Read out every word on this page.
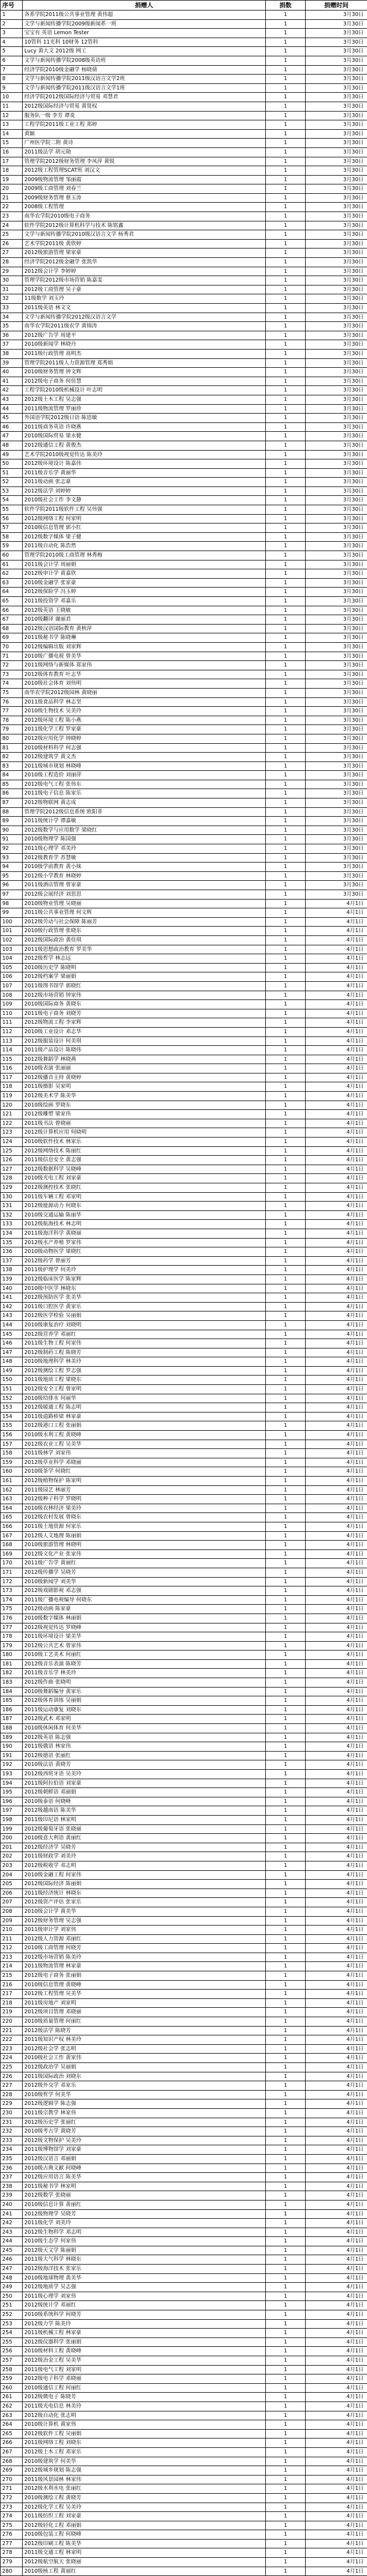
序号	捐赠人	捐数	捐赠时间
1	各系学院2011级公共事业管理 黄伟超	1	3月30日
2	文学与新闻传播学院2009级新闻系一班	1	3月30日
3	宝宝有 英语 Lemon Tester	1	3月30日
4	10管科 11光科 10财务 12管科	1	3月30日
5	Lucy 黄大文 2012级 网工	1	3月30日
6	文学与新闻传播学院2008级英语班	1	3月30日
7	经济学院2010级金融学 杨晓倩	1	3月30日
8	文学与新闻传播学院2011级汉语言文学2班	1	3月30日
9	文学与新闻传播学院2011级汉语言文学1班	1	3月30日
10	经济学院2012级国际经济与贸易 邓慧君	1	3月30日
11	2012级国际经济与贸易 黄贤权	1	3月30日
12	服务队一级 李芳 谭炎	1	3月30日
13	工程学院2011级工业工程 郑婷	1	3月30日
14	黄颖	1	3月30日
15	广州医学院二附 黄诗	1	3月30日
16	2011级法学 胡元勋	1	3月30日
17	管理学院2012级财务管理 李凤萍 黄锐	1	3月30日
18	2012级工程管理SCAT班 刘汉文	1	3月30日
19	2009级物流管理 邹丽霞	1	3月30日
20	2009级工商管理 刘春兰	1	3月30日
21	2009级财务管理 蔡玉涛	1	3月30日
22	2008级工程管理	1	3月30日
23	南华农学院2010级电子商务	1	3月30日
24	软件学院2012级计算机科学与技术 陈铭鑫	1	3月30日
25	文学与新闻传播学院2010级汉语言文学 杨秀君	1	3月30日
26	艺术学院2011级 黄欣婷	1	3月30日
27	2012级旅游管理 梁家豪	1	3月30日
28	经济学院2012级金融学 张凯华	1	3月30日
29	2012级会计学 李婷婷	1	3月30日
30	管理学院2012级市场营销 陈嘉雯	1	3月30日
31	2012级工商管理 吴子豪	1	3月30日
32	11级数学 刘玉玲	1	3月30日
33	2011级英语 林文文	1	3月30日
34	文学与新闻传播学院2012级汉语言文学	1	3月30日
35	南华农学院2011级农学 黄锦涛	1	3月30日
36	2012级广告学 周建平	1	3月30日
37	2010级新闻学 林晓丹	1	3月30日
38	2011级行政管理 高明杰	1	3月30日
39	管理学院2011级人力资源管理 郑秀娟	1	3月30日
40	2010级财务管理 钟文辉	1	3月30日
41	2012级电子商务 何佳慧	1	3月30日
42	工程学院2010级机械设计 叶志明	1	3月30日
43	2012级土木工程 吴志强	1	3月30日
44	2011级物流管理 罗丽珍	1	3月30日
45	外国语学院2012级日语 陈思敏	1	3月30日
46	2011级商务英语 许晓燕	1	3月30日
47	2010级国际贸易 梁永健	1	3月30日
48	2012级通信工程 黄俊杰	1	3月30日
49	艺术学院2010级视觉传达 陈美玲	1	3月30日
50	2012级环境设计 陈嘉伟	1	3月30日
51	2011级音乐学 黄丽华	1	3月30日
52	2011级动画 张志豪	1	3月30日
53	2012级法学 刘婷婷	1	3月30日
54	2010级社会工作 李文静	1	3月30日
55	软件学院2011级软件工程 吴伟强	1	3月30日
56	2012级网络工程 何家明	1	3月30日
57	2010级信息管理 郭小红	1	3月30日
58	2012级数字媒体 梁子健	1	3月30日
59	2011级自动化 陈浩然	1	3月30日
60	管理学院2010级工商管理 林秀梅	1	3月30日
61	2011级会计学 周丽娟	1	3月30日
62	2012级审计学 黄嘉欣	1	3月30日
63	2010级金融学 张家豪	1	3月30日
64	2012级保险学 冯玉婷	1	3月30日
65	2011级投资学 邓嘉乐	1	3月30日
66	2012级英语 王晓敏	1	3月30日
67	2010级翻译 谢丽君	1	3月30日
68	2012级汉语国际教育 黄秋萍	1	3月30日
69	2011级秘书学 陈晓琳	1	3月30日
70	2012级编辑出版 刘家辉	1	3月30日
71	2010级广播电视 曾美华	1	3月30日
72	2011级网络与新媒体 郑家伟	1	3月30日
73	2012级体育教育 叶志华	1	3月30日
74	2010级社会体育 刘伟明	1	3月30日
75	南华农学院2012级园林 黄晓丽	1	3月30日
76	2011级食品科学 林志坚	1	3月30日
77	2010级生物技术 吴美玲	1	3月30日
78	2012级环境工程 陈小燕	1	3月30日
79	2011级化学工程 罗家豪	1	3月30日
80	2012级应用化学 钟晓婷	1	3月30日
81	2010级材料科学 何志强	1	3月30日
82	2012级建筑学 黄文杰	1	3月30日
83	2011级城市规划 林晓峰	1	3月30日
84	2010级工程造价 刘丽萍	1	3月30日
85	2012级电气工程 张伟东	1	3月30日
86	2011级电子信息 陈家乐	1	3月30日
87	2012级物联网 黄志成	1	3月30日
88	管理学院2012级信息系统 欧阳菲	1	3月30日
89	2011级统计学 谭嘉敏	1	3月30日
90	2012级数学与应用数学 梁晓红	1	3月30日
91	2010级物理学 陈国强	1	3月30日
92	2011级心理学 邓美玲	1	3月30日
93	2012级教育学 苏慧敏	1	3月30日
94	2010级学前教育 黄小妹	1	3月30日
95	2012级小学教育 林晓婷	1	3月30日
96	2011级酒店管理 曾家豪	1	3月30日
97	2012级会展经济 刘思思	1	3月30日
98	2010级物业管理 吴晓丽	1	4月1日
99	2011级公共事业管理 何文辉	1	4月1日
100	2012级劳动与社会保障 陈丽芳	1	4月1日
101	2010级行政管理 张晓东	1	4月1日
102	2012级国际政治 黄佳琪	1	4月1日
103	2011级思想政治教育 罗美华	1	4月1日
104	2012级哲学 林志远	1	4月1日
105	2010级历史学 陈晓明	1	4月1日
106	2012级档案学 梁丽娟	1	4月1日
107	2011级图书馆学 郭晓红	1	4月1日
108	2012级市场营销 钟家伟	1	4月1日
109	2010级国际商务 黄晓东	1	4月1日
110	2011级电子商务 刘晓芳	1	4月1日
111	2012级物流工程 李家辉	1	4月1日
112	2010级工业设计 邓志华	1	4月1日
113	2012级服装设计 何美琪	1	4月1日
114	2011级产品设计 陈晓伟	1	4月1日
115	2012级舞蹈学 林晓燕	1	4月1日
116	2010级表演 张丽丽	1	4月1日
117	2012级播音主持 黄晓婷	1	4月1日
118	2011级摄影 吴家明	1	4月1日
119	2012级美术学 陈美华	1	4月1日
120	2010级绘画 罗晓东	1	4月1日
121	2012级雕塑 梁家伟	1	4月1日
122	2011级书法 曾晓丽	1	4月1日
123	2012级计算机应用 何晓明	1	4月1日
124	2010级软件技术 林家乐	1	4月1日
125	2012级网络技术 陈丽红	1	4月1日
126	2011级信息安全 黄志强	1	4月1日
127	2012级数据科学 吴晓峰	1	4月1日
128	2010级光电工程 刘家豪	1	4月1日
129	2012级测控技术 张晓红	1	4月1日
130	2011级车辆工程 邓家明	1	4月1日
131	2012级能源动力 何晓东	1	4月1日
132	2010级交通运输 陈丽华	1	4月1日
133	2012级航海技术 林志明	1	4月1日
134	2011级海洋科学 黄晓丽	1	4月1日
135	2012级水产养殖 罗家伟	1	4月1日
136	2010级动物医学 梁晓红	1	4月1日
137	2012级药学 曾丽芳	1	4月1日
138	2011级护理学 何美玲	1	4月1日
139	2012级临床医学 陈家辉	1	4月1日
140	2010级中医学 林晓东	1	4月1日
141	2012级预防医学 张美华	1	4月1日
142	2011级口腔医学 黄家乐	1	4月1日
143	2012级医学检验 吴丽娟	1	4月1日
144	2010级康复治疗 刘晓明	1	4月1日
145	2012级营养学 邓丽红	1	4月1日
146	2011级生物工程 何家伟	1	4月1日
147	2012级制药工程 陈晓芳	1	4月1日
148	2010级地理科学 林美玲	1	4月1日
149	2012级测绘工程 罗志强	1	4月1日
150	2011级地质工程 梁晓东	1	4月1日
151	2012级安全工程 曾家明	1	4月1日
152	2010级给排水 何丽华	1	4月1日
153	2012级暖通工程 陈志明	1	4月1日
154	2011级道路桥梁 林家豪	1	4月1日
155	2012级港口工程 张丽娟	1	4月1日
156	2010级水利工程 黄晓峰	1	4月1日
157	2012级农业工程 吴美华	1	4月1日
158	2011级林学 刘家伟	1	4月1日
159	2012级草业科学 邓晓丽	1	4月1日
160	2010级茶学 何晓红	1	4月1日
161	2012级植物保护 陈家明	1	4月1日
162	2011级园艺 林丽芳	1	4月1日
163	2012级种子科学 罗晓明	1	4月1日
164	2010级农林经济 梁美玲	1	4月1日
165	2012级农村发展 曾晓东	1	4月1日
166	2011级土地资源 何家乐	1	4月1日
167	2012级人文地理 陈丽娟	1	4月1日
168	2010级旅游管理 林晓明	1	4月1日
169	2012级文化产业 张家伟	1	4月1日
170	2011级广告学 黄丽红	1	4月1日
171	2012级传播学 吴晓芳	1	4月1日
172	2010级新闻学 刘美华	1	4月1日
173	2012级戏剧影视 邓志强	1	4月1日
174	2011级广播电视编导 何晓东	1	4月1日
175	2012级动画 陈家豪	1	4月1日
176	2010级数字媒体 林丽娟	1	4月1日
177	2012级视觉传达 罗晓峰	1	4月1日
178	2011级环境设计 梁美华	1	4月1日
179	2012级公共艺术 曾家伟	1	4月1日
180	2010级工艺美术 何丽红	1	4月1日
181	2012级音乐表演 陈晓芳	1	4月1日
182	2011级音乐学 林美玲	1	4月1日
183	2012级作曲 张晓明	1	4月1日
184	2010级舞蹈编导 黄家乐	1	4月1日
185	2012级体育训练 吴丽娟	1	4月1日
186	2011级运动康复 刘晓东	1	4月1日
187	2012级武术 邓家明	1	4月1日
188	2010级休闲体育 何美华	1	4月1日
189	2012级英语 陈志强	1	4月1日
190	2011级俄语 林家伟	1	4月1日
191	2012级德语 张丽红	1	4月1日
192	2010级法语 黄晓芳	1	4月1日
193	2012级西班牙语 吴美玲	1	4月1日
194	2011级阿拉伯语 刘家豪	1	4月1日
195	2012级朝鲜语 邓丽娟	1	4月1日
196	2010级泰语 何晓峰	1	4月1日
197	2012级越南语 陈美华	1	4月1日
198	2011级印尼语 林家明	1	4月1日
199	2012级葡萄牙语 张晓丽	1	4月1日
200	2010级意大利语 黄丽红	1	4月1日
201	2012级经济学 吴晓芳	1	4月1日
202	2011级财政学 刘美玲	1	4月1日
203	2012级税收学 邓志明	1	4月1日
204	2010级金融工程 何家伟	1	4月1日
205	2012级国际经济 陈丽娟	1	4月1日
206	2011级经济统计 林晓东	1	4月1日
207	2012级资产评估 张家乐	1	4月1日
208	2010级会计学 黄美华	1	4月1日
209	2012级财务管理 吴志强	1	4月1日
210	2011级审计学 刘家伟	1	4月1日
211	2012级人力资源 邓丽红	1	4月1日
212	2010级工商管理 何晓芳	1	4月1日
213	2012级市场营销 陈美玲	1	4月1日
214	2011级物流管理 林家豪	1	4月1日
215	2012级电子商务 张丽娟	1	4月1日
216	2010级信息管理 黄晓峰	1	4月1日
217	2012级工程管理 吴美华	1	4月1日
218	2011级房地产 刘家明	1	4月1日
219	2012级项目管理 邓晓丽	1	4月1日
220	2010级质量管理 何丽红	1	4月1日
221	2012级法学 陈晓芳	1	4月1日
222	2011级知识产权 林美玲	1	4月1日
223	2012级社会学 张志明	1	4月1日
224	2010级社会工作 黄家伟	1	4月1日
225	2012级政治学 吴丽娟	1	4月1日
226	2011级国际政治 刘晓东	1	4月1日
227	2012级外交学 邓家乐	1	4月1日
228	2010级哲学 何美华	1	4月1日
229	2012级逻辑学 陈志强	1	4月1日
230	2011级宗教学 林家伟	1	4月1日
231	2012级历史学 张丽红	1	4月1日
232	2010级考古学 黄晓芳	1	4月1日
233	2012级文物保护 吴美玲	1	4月1日
234	2011级博物馆学 刘家豪	1	4月1日
235	2012级汉语言 邓丽娟	1	4月1日
236	2010级古典文献 何晓峰	1	4月1日
237	2012级应用语言 陈美华	1	4月1日
238	2011级秘书学 林家明	1	4月1日
239	2012级数学 张晓丽	1	4月1日
240	2010级信息计算 黄丽红	1	4月1日
241	2012级物理学 吴晓芳	1	4月1日
242	2011级化学 刘美玲	1	4月1日
243	2012级生物科学 邓志明	1	4月1日
244	2010级生态学 何家伟	1	4月1日
245	2012级天文学 陈丽娟	1	4月1日
246	2011级大气科学 林晓东	1	4月1日
247	2012级海洋技术 张家乐	1	4月1日
248	2010级地球物理 黄美华	1	4月1日
249	2012级地质学 吴志强	1	4月1日
250	2011级心理学 刘家伟	1	4月1日
251	2012级统计学 邓丽红	1	4月1日
252	2010级系统科学 何晓芳	1	4月1日
253	2012级力学 陈美玲	1	4月1日
254	2011级机械工程 林家豪	1	4月1日
255	2012级仪器科学 张丽娟	1	4月1日
256	2010级材料工程 黄晓峰	1	4月1日
257	2012级冶金工程 吴美华	1	4月1日
258	2011级电气工程 刘家明	1	4月1日
259	2012级电子科学 邓晓丽	1	4月1日
260	2010级通信工程 何丽红	1	4月1日
261	2012级微电子 陈晓芳	1	4月1日
262	2011级光电信息 林美玲	1	4月1日
263	2012级自动化 张志明	1	4月1日
264	2010级计算机 黄家伟	1	4月1日
265	2012级软件工程 吴丽娟	1	4月1日
266	2011级网络工程 刘晓东	1	4月1日
267	2012级土木工程 邓家乐	1	4月1日
268	2010级建筑学 何美华	1	4月1日
269	2012级城乡规划 陈志强	1	4月1日
270	2011级风景园林 林家伟	1	4月1日
271	2012级水利水电 张丽红	1	4月1日
272	2010级测绘工程 黄晓芳	1	4月1日
273	2012级化学工程 吴美玲	1	4月1日
274	2011级纺织工程 刘家豪	1	4月1日
275	2012级轻化工程 邓丽娟	1	4月1日
276	2010级包装工程 何晓峰	1	4月1日
277	2012级印刷工程 陈美华	1	4月1日
278	2011级交通工程 林家明	1	4月1日
279	2012级航空航天 张晓丽	1	4月1日
280	2010级核工程 黄丽红	1	4月1日
